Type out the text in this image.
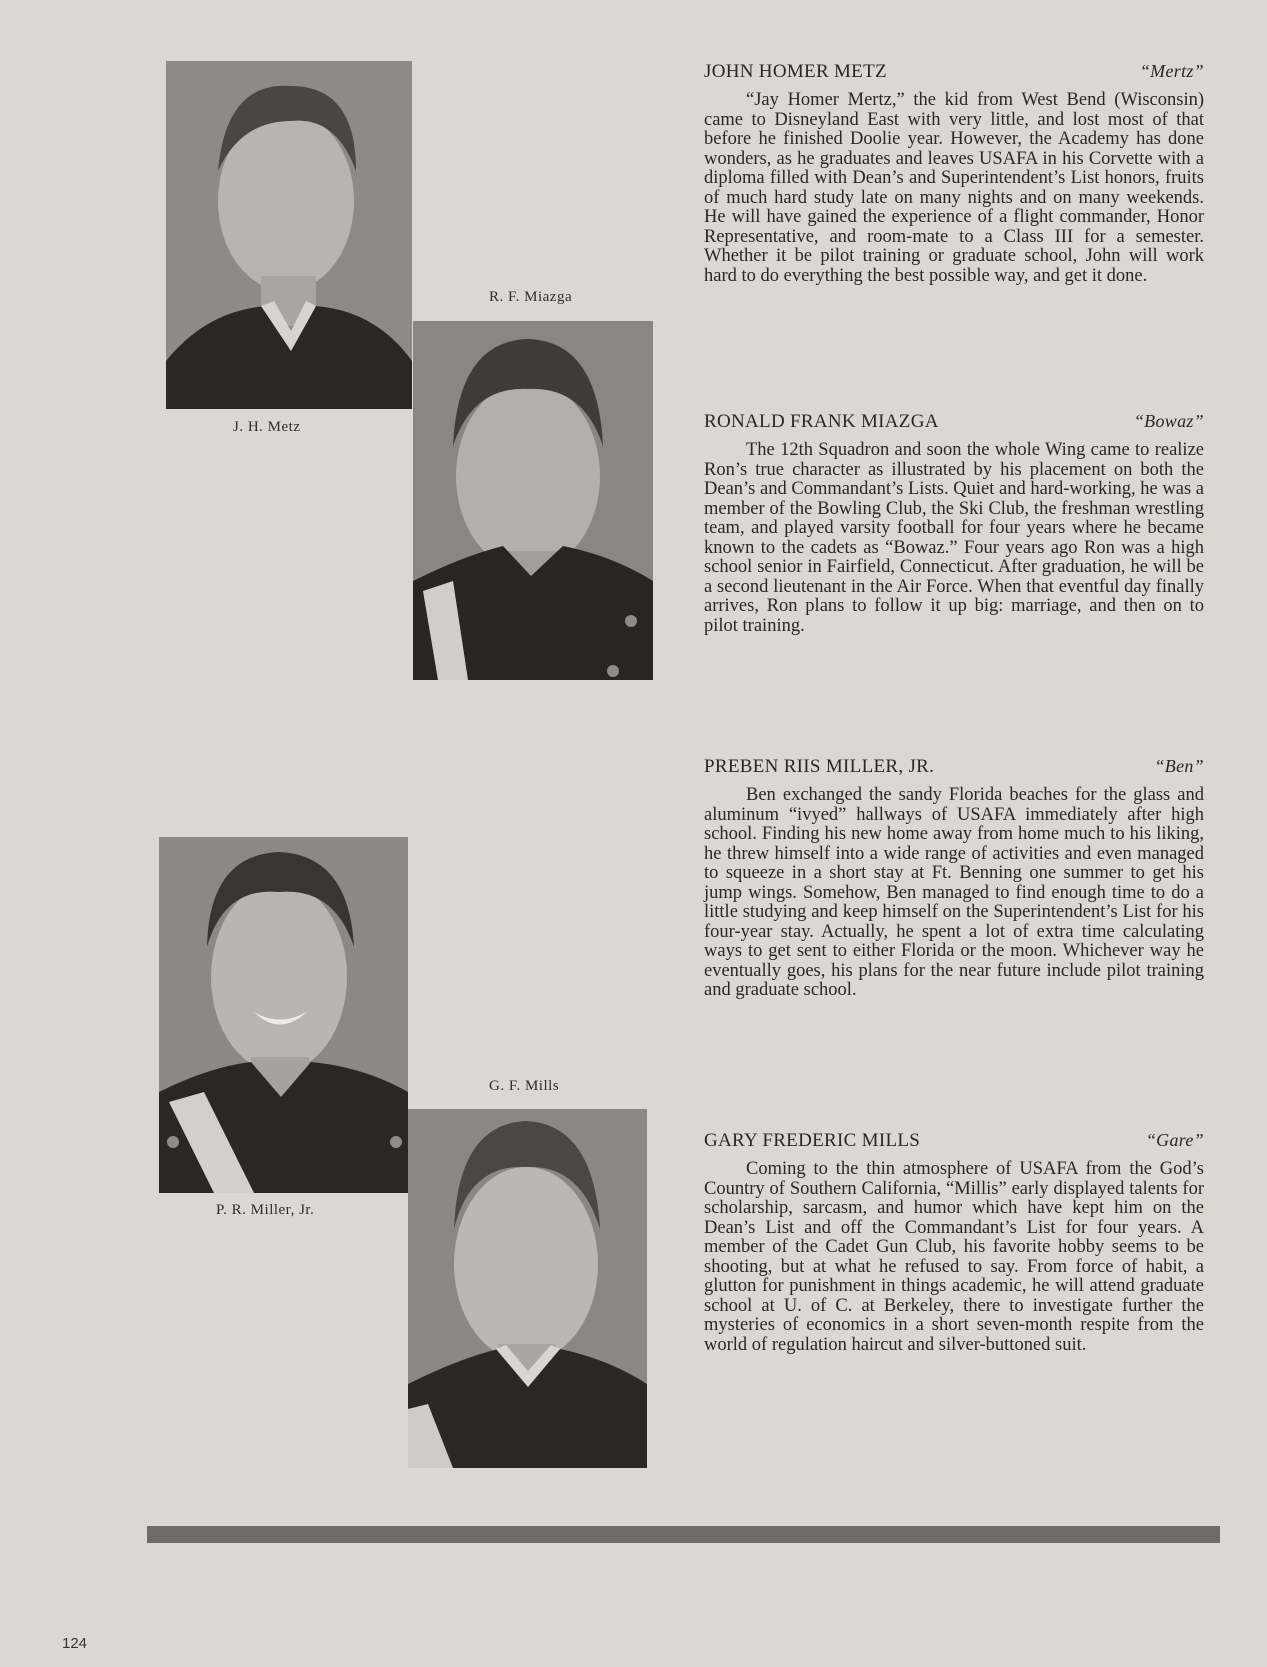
J. H. Metz
R. F. Miazga
P. R. Miller, Jr.
G. F. Mills
JOHN HOMER METZ	“Mertz”

“Jay Homer Mertz,” the kid from West Bend (Wisconsin) came to Disneyland East with very little, and lost most of that before he finished Doolie year. However, the Academy has done wonders, as he graduates and leaves USAFA in his Corvette with a diploma filled with Dean’s and Superintendent’s List honors, fruits of much hard study late on many nights and on many weekends. He will have gained the experience of a flight commander, Honor Representative, and room-mate to a Class III for a semester. Whether it be pilot training or graduate school, John will work hard to do everything the best possible way, and get it done.

RONALD FRANK MIAZGA	“Bowaz”

The 12th Squadron and soon the whole Wing came to realize Ron’s true character as illustrated by his placement on both the Dean’s and Commandant’s Lists. Quiet and hard-working, he was a member of the Bowling Club, the Ski Club, the freshman wrestling team, and played varsity football for four years where he became known to the cadets as “Bowaz.” Four years ago Ron was a high school senior in Fairfield, Connecticut. After graduation, he will be a second lieutenant in the Air Force. When that eventful day finally arrives, Ron plans to follow it up big: marriage, and then on to pilot training.

PREBEN RIIS MILLER, JR.	“Ben”

Ben exchanged the sandy Florida beaches for the glass and aluminum “ivyed” hallways of USAFA immediately after high school. Finding his new home away from home much to his liking, he threw himself into a wide range of activities and even managed to squeeze in a short stay at Ft. Benning one summer to get his jump wings. Somehow, Ben managed to find enough time to do a little studying and keep himself on the Superintendent’s List for his four-year stay. Actually, he spent a lot of extra time calculating ways to get sent to either Florida or the moon. Whichever way he eventually goes, his plans for the near future include pilot training and graduate school.

GARY FREDERIC MILLS	“Gare”

Coming to the thin atmosphere of USAFA from the God’s Country of Southern California, “Millis” early displayed talents for scholarship, sarcasm, and humor which have kept him on the Dean’s List and off the Commandant’s List for four years. A member of the Cadet Gun Club, his favorite hobby seems to be shooting, but at what he refused to say. From force of habit, a glutton for punishment in things academic, he will attend graduate school at U. of C. at Berkeley, there to investigate further the mysteries of economics in a short seven-month respite from the world of regulation haircut and silver-buttoned suit.

124
